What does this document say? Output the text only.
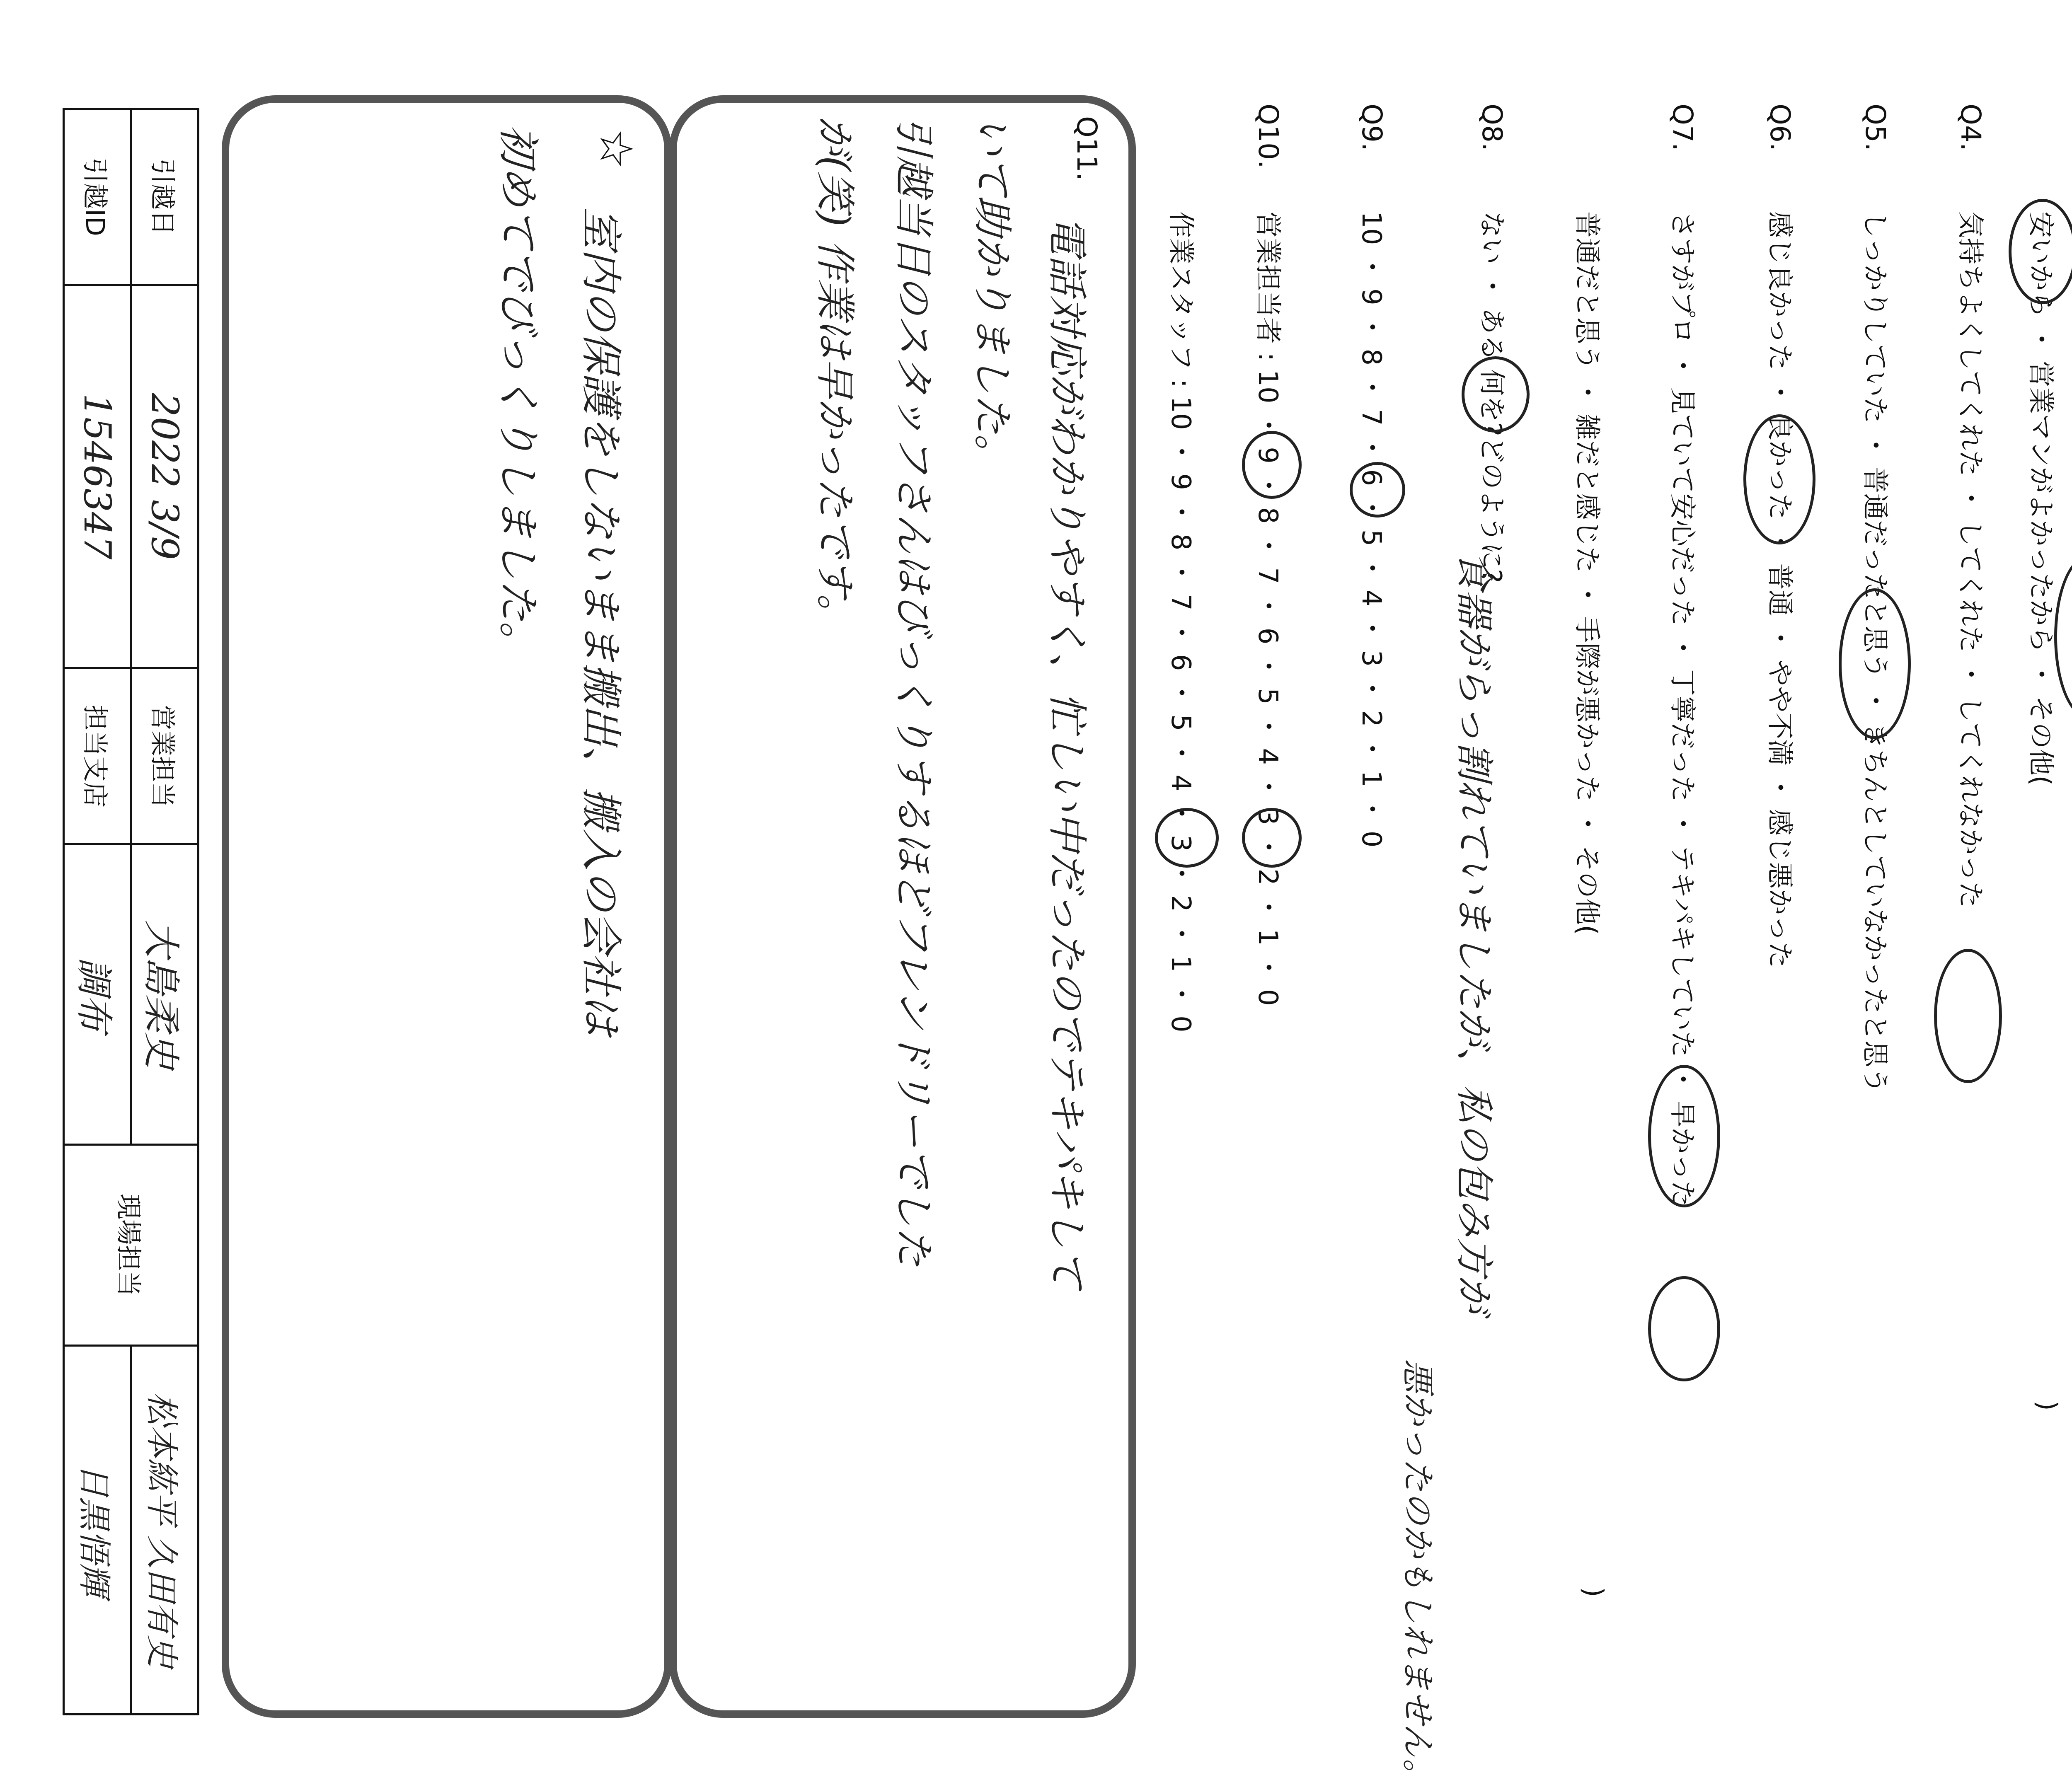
安いから ・ 営業マンがよかったから ・ その他(
)
Q4.気持ちよくしてくれた ・ してくれた ・ してくれなかった
Q5.しっかりしていた ・ 普通だったと思う ・ きちんとしていなかったと思う
Q6.感じ良かった ・ 良かった ・ 普通 ・ やや不満 ・ 感じ悪かった
Q7.さすがプロ ・ 見ていて安心だった ・ 丁寧だった ・ テキパキしていた ・ 早かった
普通だと思う ・ 雑だと感じた ・ 手際が悪かった ・ その他(
)
Q8.ない ・ ある 何を?どのように?
食器がらっ割れていましたが、私の包み方が
悪かったのかもしれません。
Q9.10 ・ 9 ・ 8 ・ 7 ・ 6 ・ 5 ・ 4 ・ 3 ・ 2 ・ 1 ・ 0
Q10.営業担当者 : 10 ・ 9 ・ 8 ・ 7 ・ 6 ・ 5 ・ 4 ・ 3 ・ 2 ・ 1 ・ 0
作業スタッフ : 10 ・ 9 ・ 8 ・ 7 ・ 6 ・ 5 ・ 4 ・ 3 ・ 2 ・ 1 ・ 0
Q11.
電話対応がわかりやすく、忙しい中だったのでテキパキして
いて助かりました。
引越当日のスタッフさんはびっくりするほどフレンドリーでした
が(笑) 作業は早かったです。
☆
室内の保護をしないまま搬出、搬入の会社は
初めてでびっくりしました。
引越日	2022 3/9	営業担当	大島柔史	現場担当	松本紘平 久田有史
引越ID	1546347	担当支店	調布		日黒悟輝
